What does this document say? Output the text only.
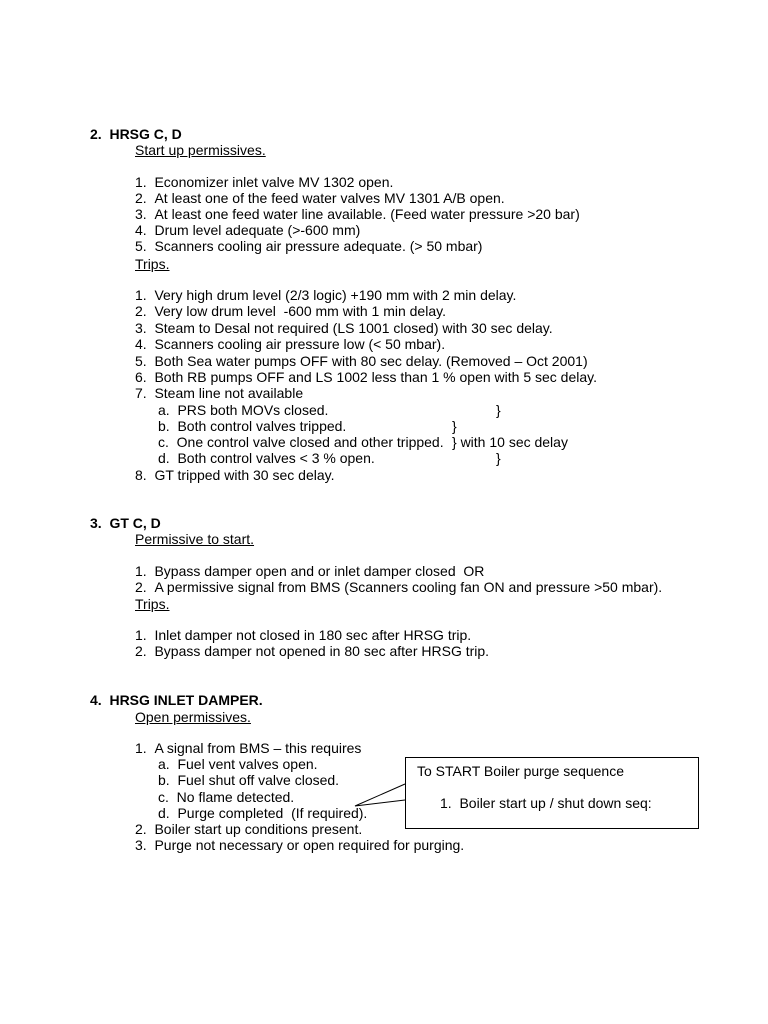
2.  HRSG C, D
Start up permissives.
1.  Economizer inlet valve MV 1302 open.
2.  At least one of the feed water valves MV 1301 A/B open.
3.  At least one feed water line available. (Feed water pressure >20 bar)
4.  Drum level adequate (>-600 mm)
5.  Scanners cooling air pressure adequate. (> 50 mbar)
Trips.
1.  Very high drum level (2/3 logic) +190 mm with 2 min delay.
2.  Very low drum level  -600 mm with 1 min delay.
3.  Steam to Desal not required (LS 1001 closed) with 30 sec delay.
4.  Scanners cooling air pressure low (< 50 mbar).
5.  Both Sea water pumps OFF with 80 sec delay. (Removed – Oct 2001)
6.  Both RB pumps OFF and LS 1002 less than 1 % open with 5 sec delay.
7.  Steam line not available
a.  PRS both MOVs closed.
b.  Both control valves tripped.
c.  One control valve closed and other tripped.
d.  Both control valves < 3 % open.
}
}
} with 10 sec delay
}
8.  GT tripped with 30 sec delay.
3.  GT C, D
Permissive to start.
1.  Bypass damper open and or inlet damper closed  OR
2.  A permissive signal from BMS (Scanners cooling fan ON and pressure >50 mbar).
Trips.
1.  Inlet damper not closed in 180 sec after HRSG trip.
2.  Bypass damper not opened in 80 sec after HRSG trip.
4.  HRSG INLET DAMPER.
Open permissives.
1.  A signal from BMS – this requires
a.  Fuel vent valves open.
b.  Fuel shut off valve closed.
c.  No flame detected.
d.  Purge completed  (If required).
2.  Boiler start up conditions present.
3.  Purge not necessary or open required for purging.
To START Boiler purge sequence
1.  Boiler start up / shut down seq:
